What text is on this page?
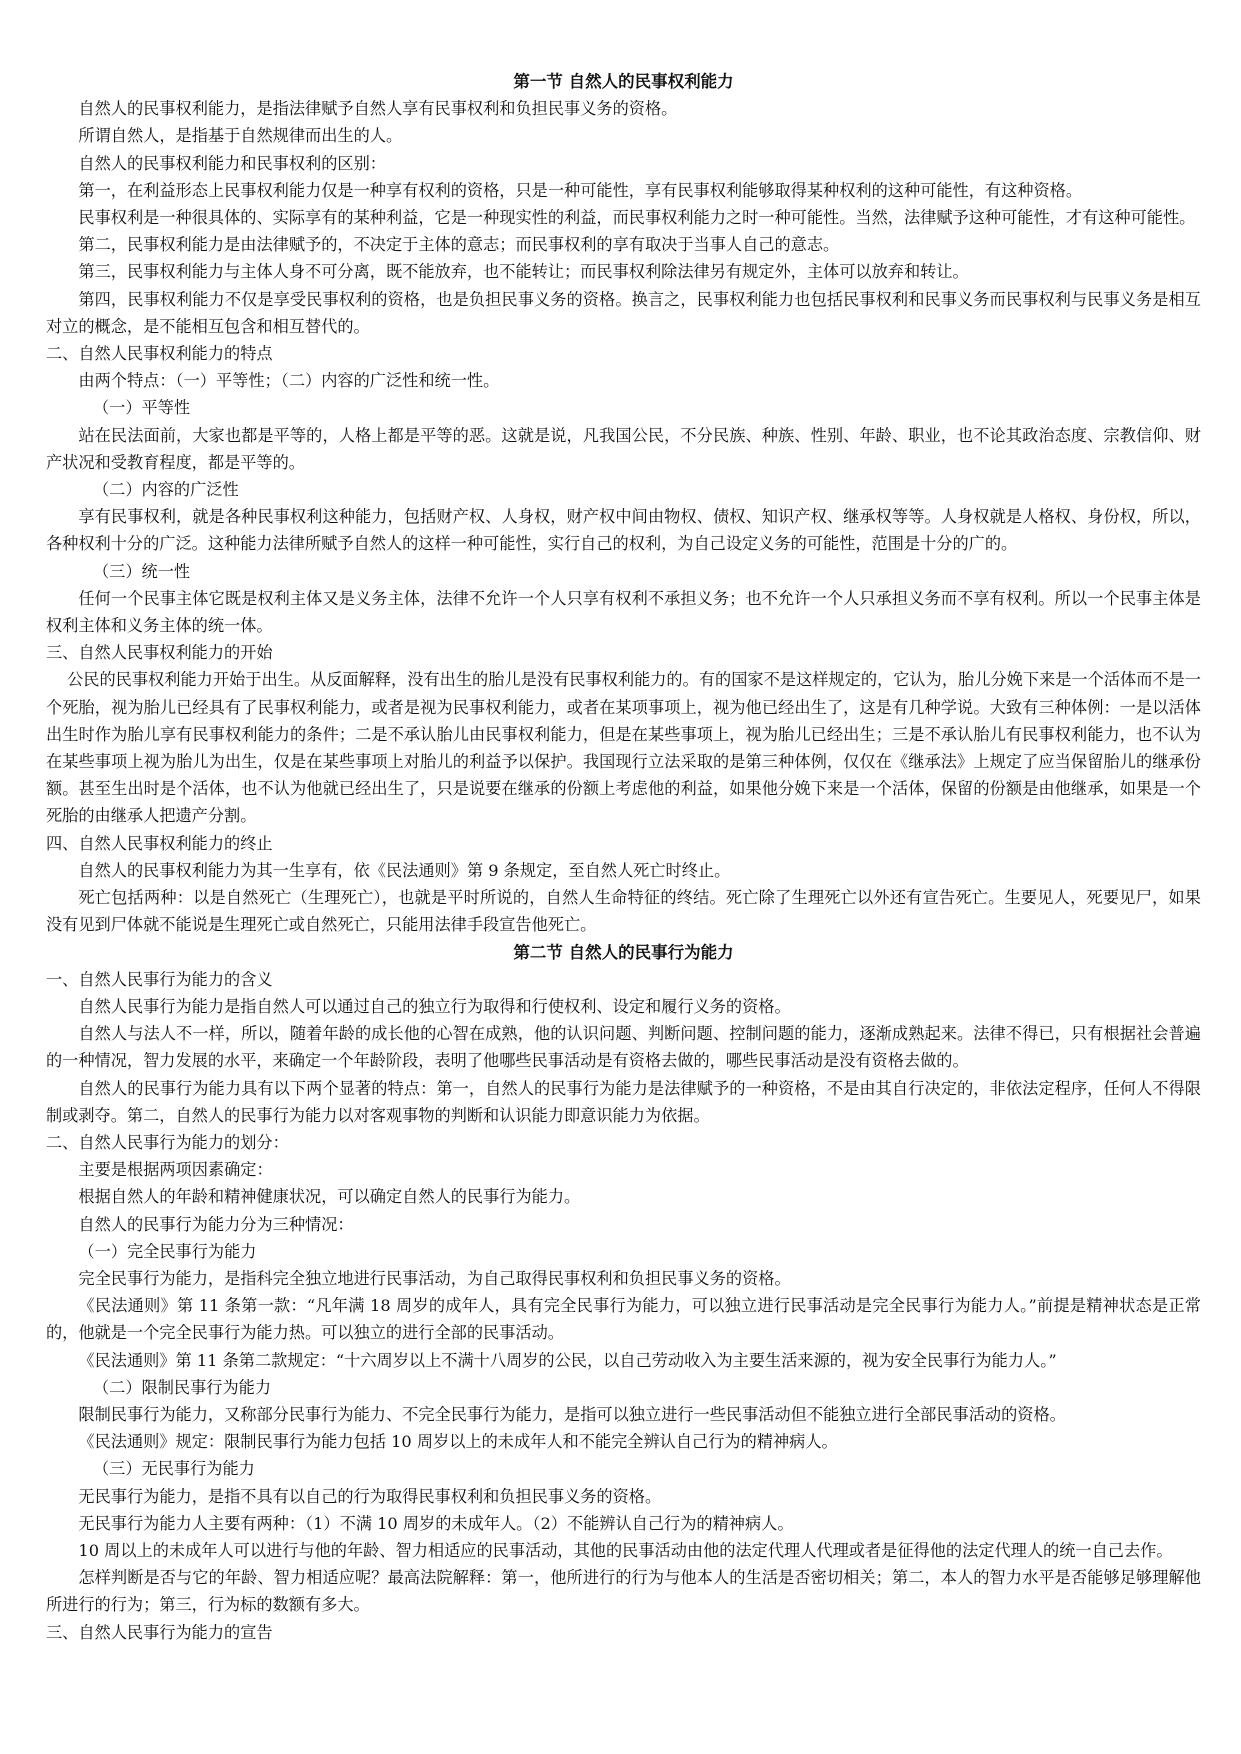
第一节 自然人的民事权利能力
自然人的民事权利能力，是指法律赋予自然人享有民事权利和负担民事义务的资格。
所谓自然人，是指基于自然规律而出生的人。
自然人的民事权利能力和民事权利的区别：
第一，在利益形态上民事权利能力仅是一种享有权利的资格，只是一种可能性，享有民事权利能够取得某种权利的这种可能性，有这种资格。
民事权利是一种很具体的、实际享有的某种利益，它是一种现实性的利益，而民事权利能力之时一种可能性。当然，法律赋予这种可能性，才有这种可能性。
第二，民事权利能力是由法律赋予的，不决定于主体的意志；而民事权利的享有取决于当事人自己的意志。
第三，民事权利能力与主体人身不可分离，既不能放弃，也不能转让；而民事权利除法律另有规定外，主体可以放弃和转让。
第四，民事权利能力不仅是享受民事权利的资格，也是负担民事义务的资格。换言之，民事权利能力也包括民事权利和民事义务而民事权利与民事义务是相互对立的概念，是不能相互包含和相互替代的。
二、自然人民事权利能力的特点
由两个特点：（一）平等性；（二）内容的广泛性和统一性。
（一）平等性
站在民法面前，大家也都是平等的，人格上都是平等的恶。这就是说，凡我国公民，不分民族、种族、性别、年龄、职业，也不论其政治态度、宗教信仰、财产状况和受教育程度，都是平等的。
（二）内容的广泛性
享有民事权利，就是各种民事权利这种能力，包括财产权、人身权，财产权中间由物权、债权、知识产权、继承权等等。人身权就是人格权、身份权，所以，各种权利十分的广泛。这种能力法律所赋予自然人的这样一种可能性，实行自己的权利，为自己设定义务的可能性，范围是十分的广的。
（三）统一性
任何一个民事主体它既是权利主体又是义务主体，法律不允许一个人只享有权利不承担义务；也不允许一个人只承担义务而不享有权利。所以一个民事主体是权利主体和义务主体的统一体。
三、自然人民事权利能力的开始
公民的民事权利能力开始于出生。从反面解释，没有出生的胎儿是没有民事权利能力的。有的国家不是这样规定的，它认为，胎儿分娩下来是一个活体而不是一个死胎，视为胎儿已经具有了民事权利能力，或者是视为民事权利能力，或者在某项事项上，视为他已经出生了，这是有几种学说。大致有三种体例：一是以活体出生时作为胎儿享有民事权利能力的条件；二是不承认胎儿由民事权利能力，但是在某些事项上，视为胎儿已经出生；三是不承认胎儿有民事权利能力，也不认为在某些事项上视为胎儿为出生，仅是在某些事项上对胎儿的利益予以保护。我国现行立法采取的是第三种体例，仅仅在《继承法》上规定了应当保留胎儿的继承份额。甚至生出时是个活体，也不认为他就已经出生了，只是说要在继承的份额上考虑他的利益，如果他分娩下来是一个活体，保留的份额是由他继承，如果是一个死胎的由继承人把遗产分割。
四、自然人民事权利能力的终止
自然人的民事权利能力为其一生享有，依《民法通则》第 9 条规定，至自然人死亡时终止。
死亡包括两种：以是自然死亡（生理死亡），也就是平时所说的，自然人生命特征的终结。死亡除了生理死亡以外还有宣告死亡。生要见人，死要见尸，如果没有见到尸体就不能说是生理死亡或自然死亡，只能用法律手段宣告他死亡。
第二节 自然人的民事行为能力
一、自然人民事行为能力的含义
自然人民事行为能力是指自然人可以通过自己的独立行为取得和行使权利、设定和履行义务的资格。
自然人与法人不一样，所以，随着年龄的成长他的心智在成熟，他的认识问题、判断问题、控制问题的能力，逐渐成熟起来。法律不得已，只有根据社会普遍的一种情况，智力发展的水平，来确定一个年龄阶段，表明了他哪些民事活动是有资格去做的，哪些民事活动是没有资格去做的。
自然人的民事行为能力具有以下两个显著的特点：第一，自然人的民事行为能力是法律赋予的一种资格，不是由其自行决定的，非依法定程序，任何人不得限制或剥夺。第二，自然人的民事行为能力以对客观事物的判断和认识能力即意识能力为依据。
二、自然人民事行为能力的划分：
主要是根据两项因素确定：
根据自然人的年龄和精神健康状况，可以确定自然人的民事行为能力。
自然人的民事行为能力分为三种情况：
（一）完全民事行为能力
完全民事行为能力，是指科完全独立地进行民事活动，为自己取得民事权利和负担民事义务的资格。
《民法通则》第 11 条第一款：“凡年满 18 周岁的成年人，具有完全民事行为能力，可以独立进行民事活动是完全民事行为能力人。”前提是精神状态是正常的，他就是一个完全民事行为能力热。可以独立的进行全部的民事活动。
《民法通则》第 11 条第二款规定：“十六周岁以上不满十八周岁的公民，以自己劳动收入为主要生活来源的，视为安全民事行为能力人。”
（二）限制民事行为能力
限制民事行为能力，又称部分民事行为能力、不完全民事行为能力，是指可以独立进行一些民事活动但不能独立进行全部民事活动的资格。
《民法通则》规定：限制民事行为能力包括 10 周岁以上的未成年人和不能完全辨认自己行为的精神病人。
（三）无民事行为能力
无民事行为能力，是指不具有以自己的行为取得民事权利和负担民事义务的资格。
无民事行为能力人主要有两种：（1）不满 10 周岁的未成年人。（2）不能辨认自己行为的精神病人。
10 周以上的未成年人可以进行与他的年龄、智力相适应的民事活动，其他的民事活动由他的法定代理人代理或者是征得他的法定代理人的统一自己去作。
怎样判断是否与它的年龄、智力相适应呢？最高法院解释：第一，他所进行的行为与他本人的生活是否密切相关；第二，本人的智力水平是否能够足够理解他所进行的行为；第三，行为标的数额有多大。
三、自然人民事行为能力的宣告
